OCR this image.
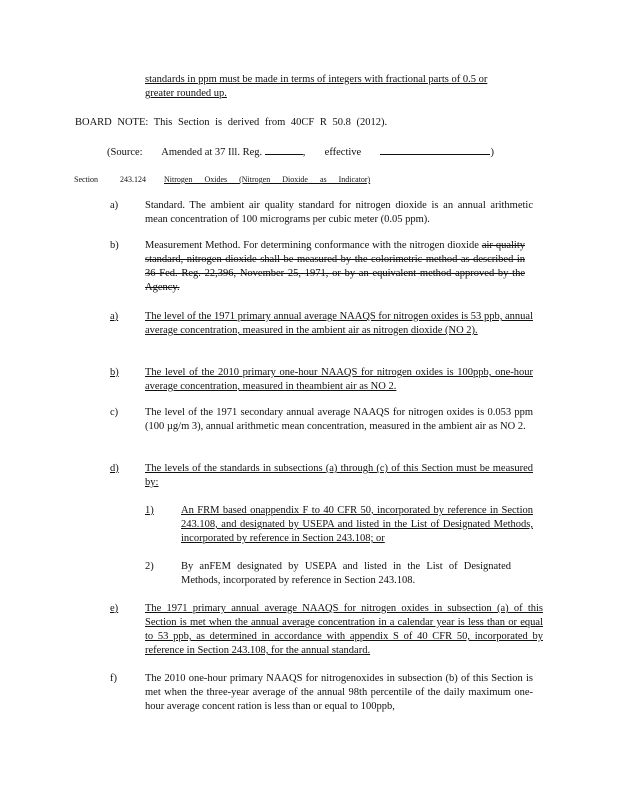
standards in ppm must be made in terms of integers with fractional parts of 0.5 or
greater rounded up.
BOARD NOTE: This Section is derived from 40CF R 50.8 (2012).
(Source: Amended at 37 Ill. Reg.	, effective	)
Section	243.124 Nitrogen Oxides (Nitrogen Dioxide as Indicator)
a)	Standard. The ambient air quality standard for nitrogen dioxide is an annual arithmetic mean concentration of 100 micrograms per cubic meter (0.05 ppm).
b)	Measurement Method. For determining conformance with the nitrogen dioxide air quality standard, nitrogen dioxide shall be measured by the colorimetric method as described in 36 Fed. Reg. 22,396, November 25, 1971, or by an equivalent method approved by the Agency.
a)	The level of the 1971 primary annual average NAAQS for nitrogen oxides is 53 ppb, annual average concentration, measured in the ambient air as nitrogen dioxide (NO 2).
b)	The level of the 2010 primary one-hour NAAQS for nitrogen oxides is 100ppb, one-hour average concentration, measured in theambient air as NO 2.
c)	The level of the 1971 secondary annual average NAAQS for nitrogen oxides is 0.053 ppm (100 µg/m 3), annual arithmetic mean concentration, measured in the ambient air as NO 2.
d)	The levels of the standards in subsections (a) through (c) of this Section must be measured by:
1)	An FRM based onappendix F to 40 CFR 50, incorporated by reference in Section 243.108, and designated by USEPA and listed in the List of Designated Methods, incorporated by reference in Section 243.108; or
2)	By anFEM designated by USEPA and listed in the List of Designated Methods, incorporated by reference in Section 243.108.
e)	The 1971 primary annual average NAAQS for nitrogen oxides in subsection (a) of this Section is met when the annual average concentration in a calendar year is less than or equal to 53 ppb, as determined in accordance with appendix S of 40 CFR 50, incorporated by reference in Section 243.108, for the annual standard.
f)	The 2010 one-hour primary NAAQS for nitrogenoxides in subsection (b) of this Section is met when the three-year average of the annual 98th percentile of the daily maximum one-hour average concent ration is less than or equal to 100ppb,
